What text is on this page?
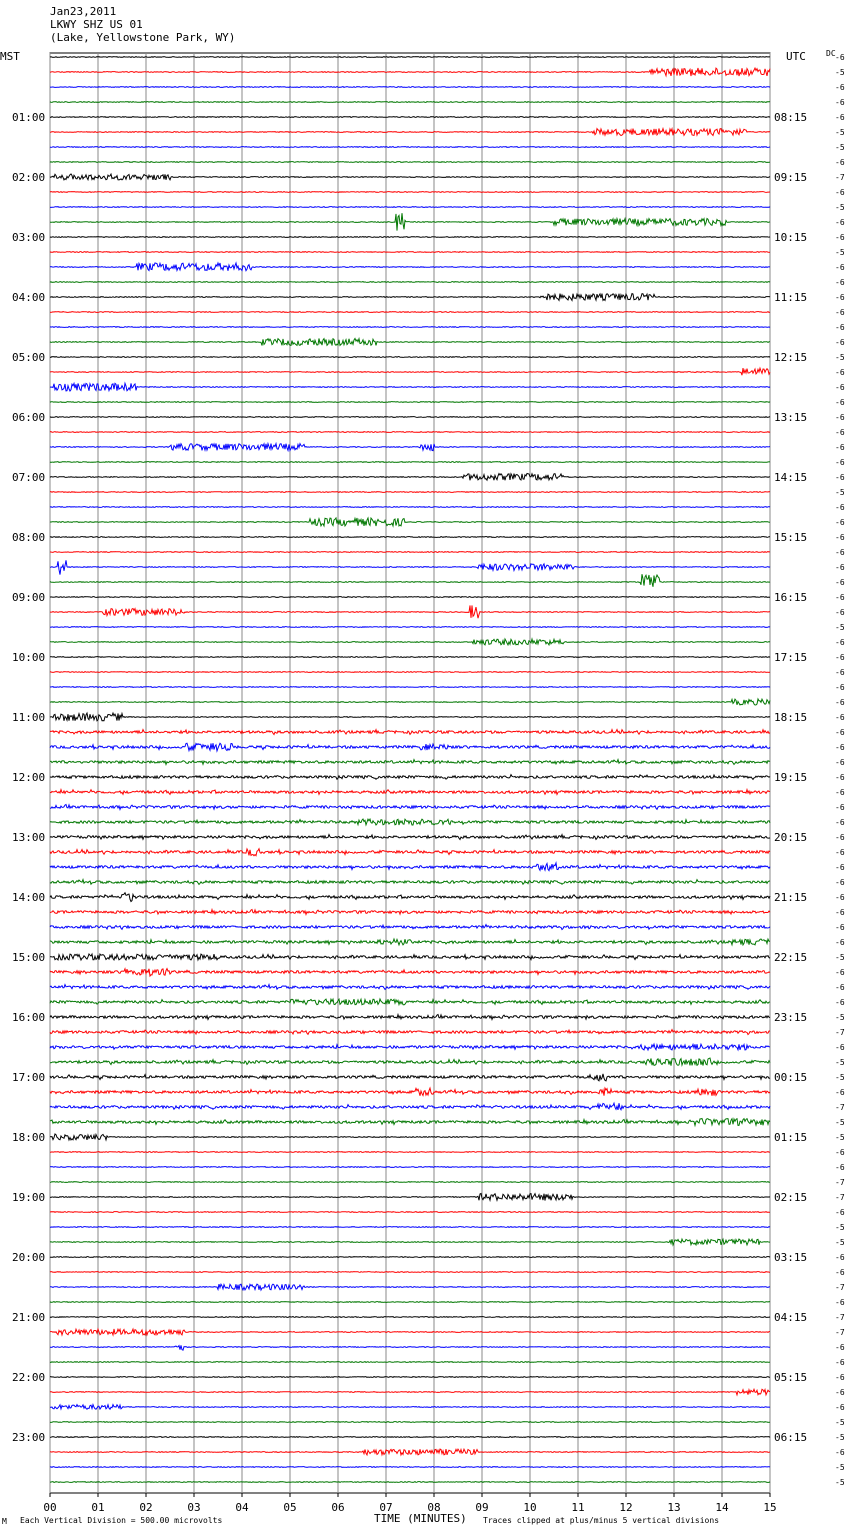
Jan23,2011
LKWY SHZ US 01
(Lake, Yellowstone Park, WY)
MST	UTC	DC -6
-5
-6
-6
-6
-5
-5
-6
-7
-6
-5
-6
-6
-5
-6
-6
-6
-6
-6
-6
-5
-6
-6
-6
-6
-6
-6
-6
-6
-5
-6
-6
-6
-6
-6
-6
-6
-6
-5
-6
-6
-6
-6
-6
-6
-6
-6
-6
-6
-6
-6
-6
-6
-6
-6
-6
-6
-6
-6
-6
-5
-6
-6
-6
-5
-7
-6
-5
-5
-6
-7
-5
-5
-6
-6
-7
-7
-6
-5
-5
-6
-6
-7
-6
-7
-7
-6
-6
-6
-6
-6
-5
-5
-6
-5
-5
01:00
02:00
03:00
04:00
05:00
06:00
07:00
08:00
09:00
10:00
11:00
12:00
13:00
14:00
15:00
16:00
17:00
18:00
19:00
20:00
21:00
22:00
23:00
08:15
09:15
10:15
11:15
12:15
13:15
14:15
15:15
16:15
17:15
18:15
19:15
20:15
21:15
22:15
23:15
00:15
01:15
02:15
03:15
04:15
05:15
06:15
00	01	02	03	04	05	06	07	08	09	10	11	12	13	14	15
M Each Vertical Division = 500.00 microvolts	TIME (MINUTES) Traces clipped at plus/minus 5 vertical divisions
